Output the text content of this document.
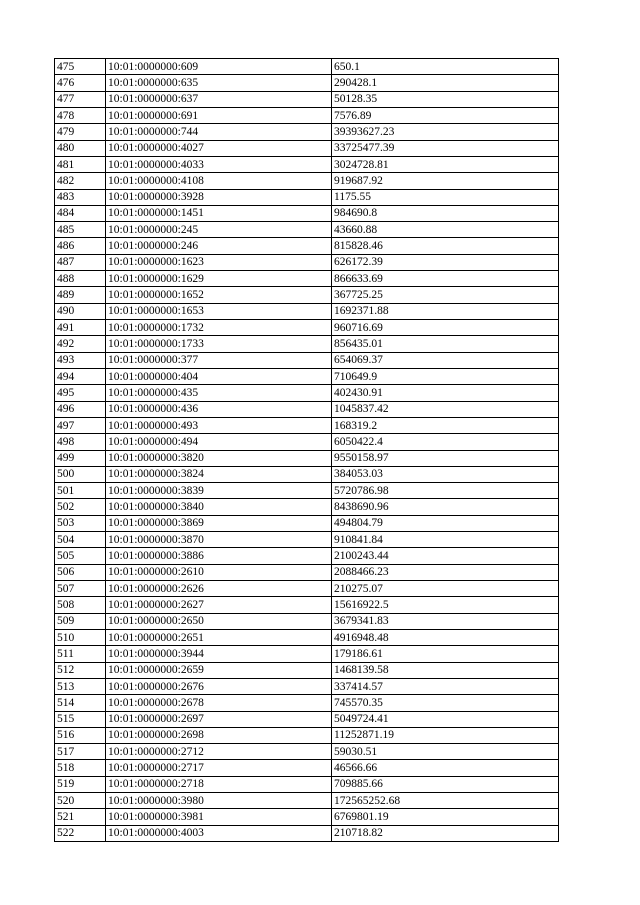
475	10:01:0000000:609	650.1
476	10:01:0000000:635	290428.1
477	10:01:0000000:637	50128.35
478	10:01:0000000:691	7576.89
479	10:01:0000000:744	39393627.23
480	10:01:0000000:4027	33725477.39
481	10:01:0000000:4033	3024728.81
482	10:01:0000000:4108	919687.92
483	10:01:0000000:3928	1175.55
484	10:01:0000000:1451	984690.8
485	10:01:0000000:245	43660.88
486	10:01:0000000:246	815828.46
487	10:01:0000000:1623	626172.39
488	10:01:0000000:1629	866633.69
489	10:01:0000000:1652	367725.25
490	10:01:0000000:1653	1692371.88
491	10:01:0000000:1732	960716.69
492	10:01:0000000:1733	856435.01
493	10:01:0000000:377	654069.37
494	10:01:0000000:404	710649.9
495	10:01:0000000:435	402430.91
496	10:01:0000000:436	1045837.42
497	10:01:0000000:493	168319.2
498	10:01:0000000:494	6050422.4
499	10:01:0000000:3820	9550158.97
500	10:01:0000000:3824	384053.03
501	10:01:0000000:3839	5720786.98
502	10:01:0000000:3840	8438690.96
503	10:01:0000000:3869	494804.79
504	10:01:0000000:3870	910841.84
505	10:01:0000000:3886	2100243.44
506	10:01:0000000:2610	2088466.23
507	10:01:0000000:2626	210275.07
508	10:01:0000000:2627	15616922.5
509	10:01:0000000:2650	3679341.83
510	10:01:0000000:2651	4916948.48
511	10:01:0000000:3944	179186.61
512	10:01:0000000:2659	1468139.58
513	10:01:0000000:2676	337414.57
514	10:01:0000000:2678	745570.35
515	10:01:0000000:2697	5049724.41
516	10:01:0000000:2698	11252871.19
517	10:01:0000000:2712	59030.51
518	10:01:0000000:2717	46566.66
519	10:01:0000000:2718	709885.66
520	10:01:0000000:3980	172565252.68
521	10:01:0000000:3981	6769801.19
522	10:01:0000000:4003	210718.82
